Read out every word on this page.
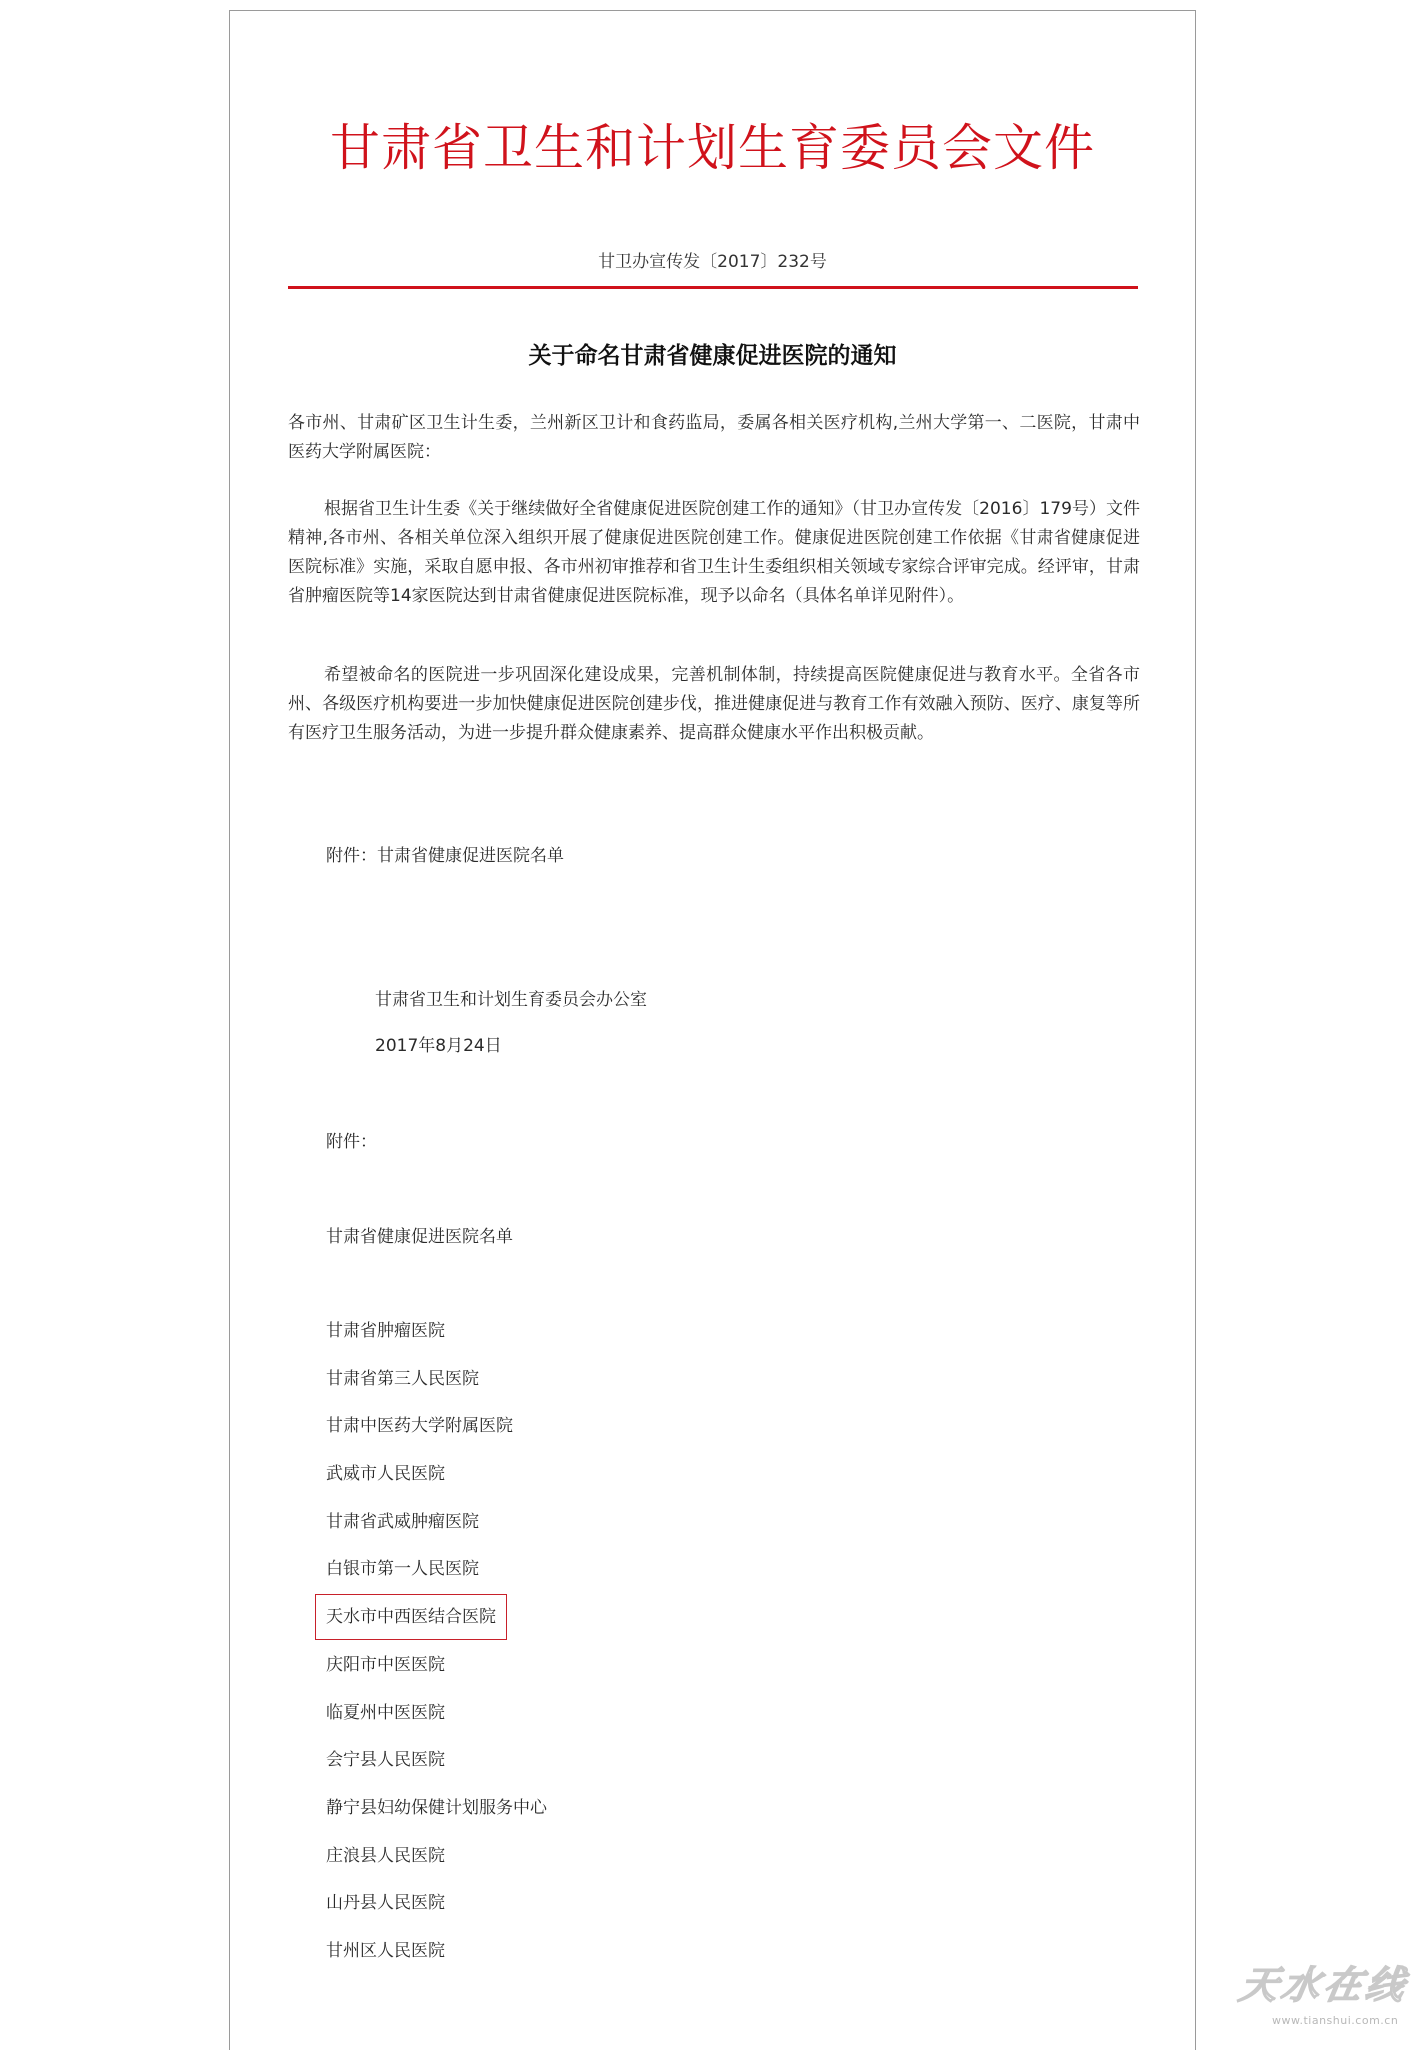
甘肃省卫生和计划生育委员会文件
甘卫办宣传发〔2017〕232号
关于命名甘肃省健康促进医院的通知
各市州、甘肃矿区卫生计生委，兰州新区卫计和食药监局，委属各相关医疗机构,兰州大学第一、二医院，甘肃中医药大学附属医院：
根据省卫生计生委《关于继续做好全省健康促进医院创建工作的通知》（甘卫办宣传发〔2016〕179号）文件精神,各市州、各相关单位深入组织开展了健康促进医院创建工作。健康促进医院创建工作依据《甘肃省健康促进医院标准》实施，采取自愿申报、各市州初审推荐和省卫生计生委组织相关领域专家综合评审完成。经评审，甘肃省肿瘤医院等14家医院达到甘肃省健康促进医院标准，现予以命名（具体名单详见附件）。
希望被命名的医院进一步巩固深化建设成果，完善机制体制，持续提高医院健康促进与教育水平。全省各市州、各级医疗机构要进一步加快健康促进医院创建步伐，推进健康促进与教育工作有效融入预防、医疗、康复等所有医疗卫生服务活动，为进一步提升群众健康素养、提高群众健康水平作出积极贡献。
附件：甘肃省健康促进医院名单
甘肃省卫生和计划生育委员会办公室
2017年8月24日
附件：
甘肃省健康促进医院名单
甘肃省肿瘤医院
甘肃省第三人民医院
甘肃中医药大学附属医院
武威市人民医院
甘肃省武威肿瘤医院
白银市第一人民医院
天水市中西医结合医院
庆阳市中医医院
临夏州中医医院
会宁县人民医院
静宁县妇幼保健计划服务中心
庄浪县人民医院
山丹县人民医院
甘州区人民医院
天水在线
www.tianshui.com.cn
